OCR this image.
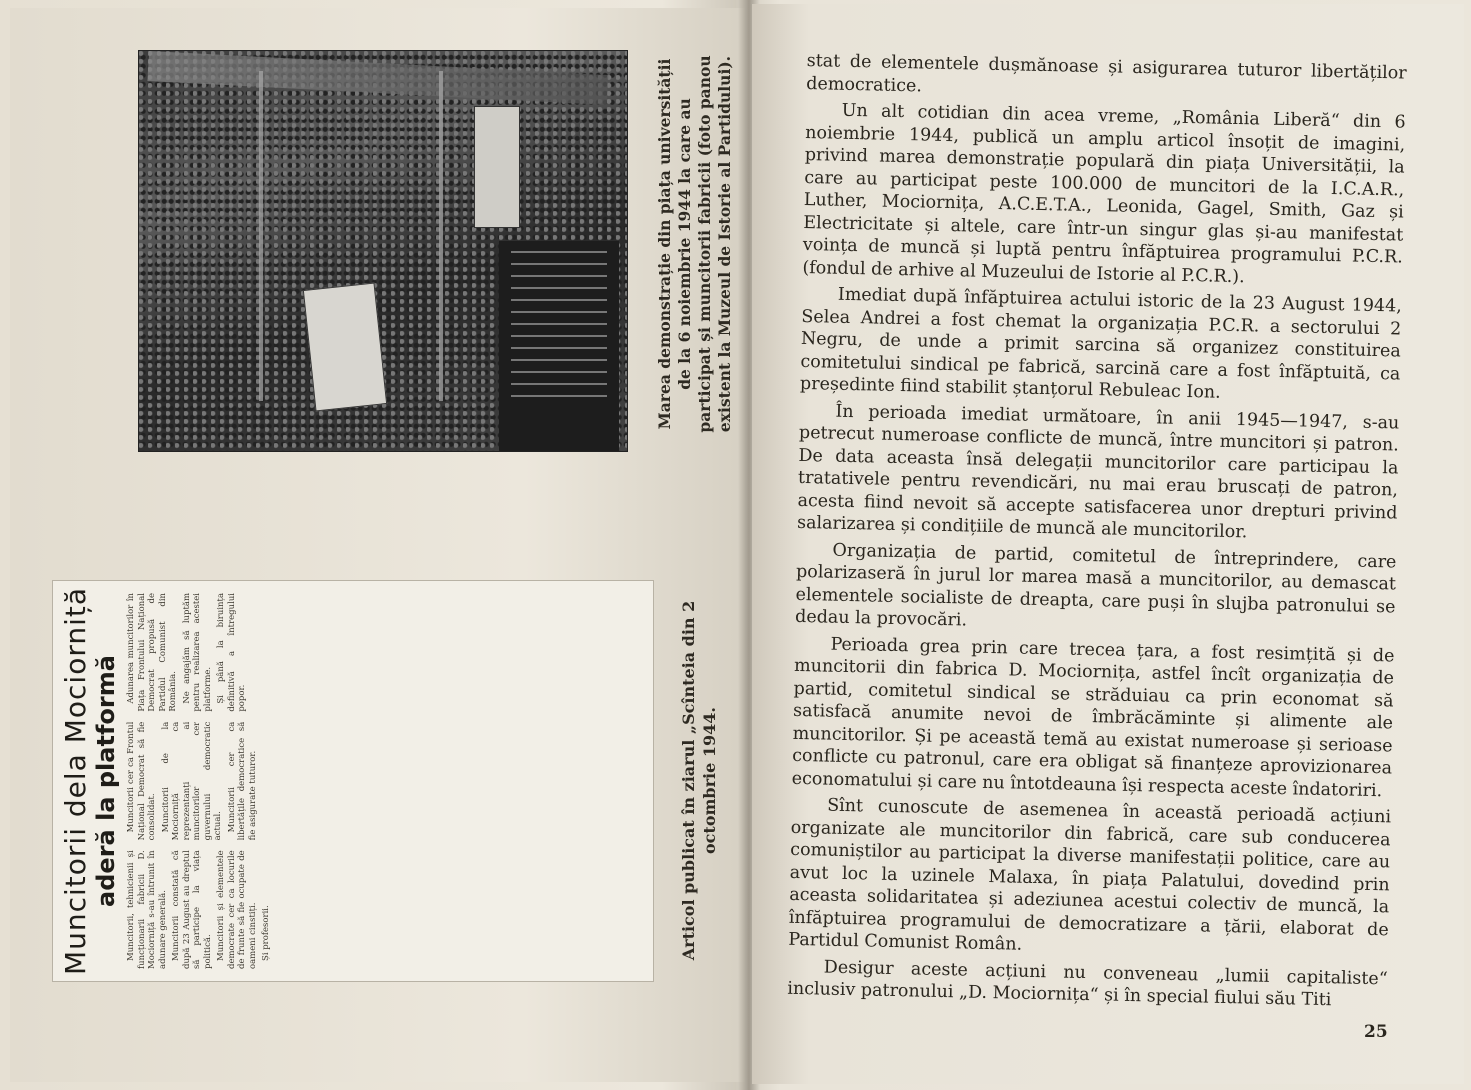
Marea demonstrație din piața universității de la 6 noiembrie 1944 la care au participat și muncitorii fabricii (foto panou existent la Muzeul de Istorie al Partidului).
Muncitorii dela Mociorniță aderă la platformă Muncitorii, tehnicienii și funcționarii fabricii D. Mociorniță s-au întrunit în adunare generală. Muncitorii constată că după 23 August au dreptul să participe la viața politică. Muncitorii și elementele democrate cer ca locurile de frunte să fie ocupate de oameni cinstiți. Și profesorii.

Muncitorii cer ca Frontul Național Democrat să fie consolidat. Muncitorii de la Mociorniță ca reprezentanți ai muncitorilor cer guvernului democratic actual. Muncitorii cer ca libertățile democratice să fie asigurate tuturor.

Adunarea muncitorilor în Piața Frontului Național Democrat propusă de Partidul Comunist din România. Ne angajăm să luptăm pentru realizarea acestei platforme. Și până la biruința definitivă a întregului popor.	Articol publicat în ziarul „Scînteia din 2 octombrie 1944.

stat de elementele dușmănoase și asigurarea tuturor libertăților democratice.

Un alt cotidian din acea vreme, „România Liberă“ din 6 noiembrie 1944, publică un amplu articol însoțit de imagini, privind marea demonstrație populară din piața Universității, la care au participat peste 100.000 de muncitori de la I.C.A.R., Luther, Mociornița, A.C.E.T.A., Leonida, Gagel, Smith, Gaz și Electricitate și altele, care într-un singur glas și-au manifestat voința de muncă și luptă pentru înfăptuirea programului P.C.R. (fondul de arhive al Muzeului de Istorie al P.C.R.).

Imediat după înfăptuirea actului istoric de la 23 August 1944, Selea Andrei a fost chemat la organizația P.C.R. a sectorului 2 Negru, de unde a primit sarcina să organizez constituirea comitetului sindical pe fabrică, sarcină care a fost înfăptuită, ca președinte fiind stabilit ștanțorul Rebuleac Ion.

În perioada imediat următoare, în anii 1945—1947, s-au petrecut numeroase conflicte de muncă, între muncitori și patron. De data aceasta însă delegații muncitorilor care participau la tratativele pentru revendicări, nu mai erau bruscați de patron, acesta fiind nevoit să accepte satisfacerea unor drepturi privind salarizarea și condițiile de muncă ale muncitorilor.

Organizația de partid, comitetul de întreprindere, care polarizaseră în jurul lor marea masă a muncitorilor, au demascat elementele socialiste de dreapta, care puși în slujba patronului se dedau la provocări.

Perioada grea prin care trecea țara, a fost resimțită și de muncitorii din fabrica D. Mociornița, astfel încît organizația de partid, comitetul sindical se străduiau ca prin economat să satisfacă anumite nevoi de îmbrăcăminte și alimente ale muncitorilor. Și pe această temă au existat numeroase și serioase conflicte cu patronul, care era obligat să finanțeze aprovizionarea economatului și care nu întotdeauna își respecta aceste îndatoriri.

Sînt cunoscute de asemenea în această perioadă acțiuni organizate ale muncitorilor din fabrică, care sub conducerea comuniștilor au participat la diverse manifestații politice, care au avut loc la uzinele Malaxa, în piața Palatului, dovedind prin aceasta solidaritatea și adeziunea acestui colectiv de muncă, la înfăptuirea programului de democratizare a țării, elaborat de Partidul Comunist Român.

Desigur aceste acțiuni nu conveneau „lumii capitaliste“ inclusiv patronului „D. Mociornița“ și în special fiului său Titi

25
